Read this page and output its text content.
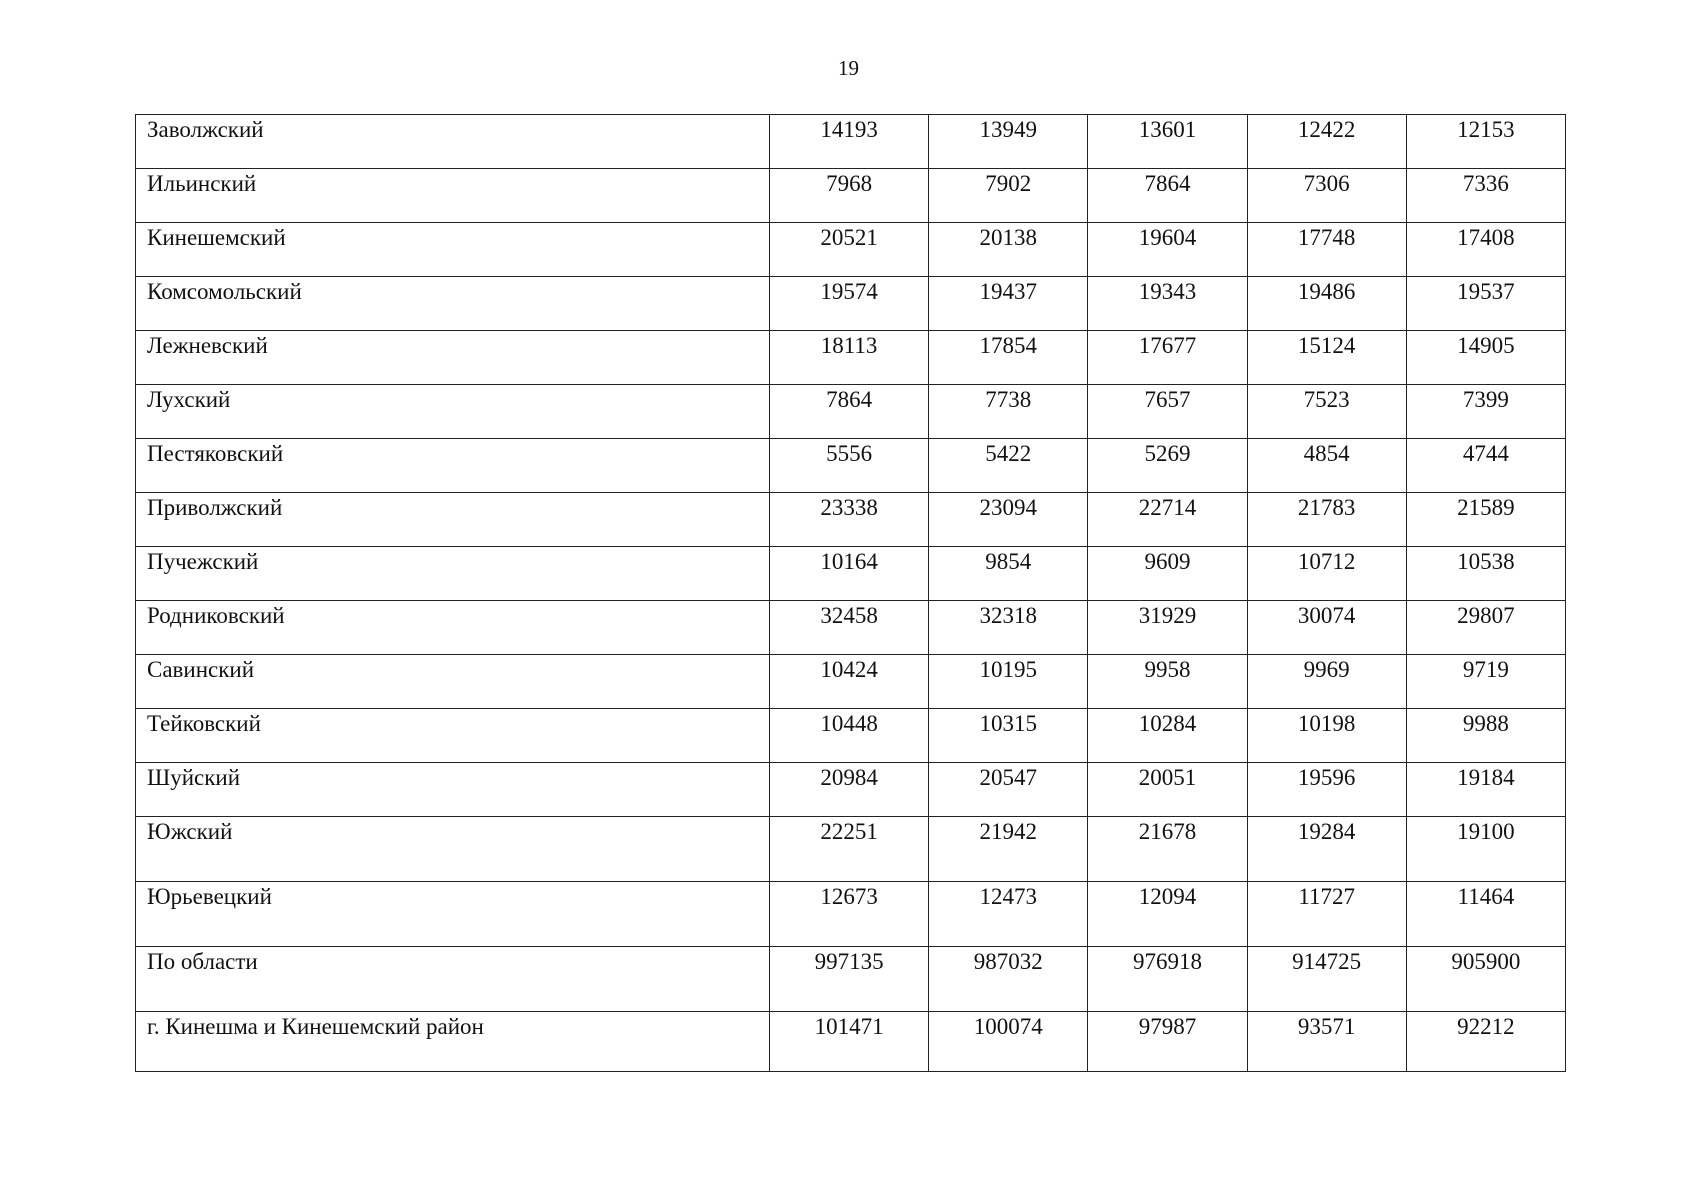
19
Заволжский	14193	13949	13601	12422	12153
Ильинский	7968	7902	7864	7306	7336
Кинешемский	20521	20138	19604	17748	17408
Комсомольский	19574	19437	19343	19486	19537
Лежневский	18113	17854	17677	15124	14905
Лухский	7864	7738	7657	7523	7399
Пестяковский	5556	5422	5269	4854	4744
Приволжский	23338	23094	22714	21783	21589
Пучежский	10164	9854	9609	10712	10538
Родниковский	32458	32318	31929	30074	29807
Савинский	10424	10195	9958	9969	9719
Тейковский	10448	10315	10284	10198	9988
Шуйский	20984	20547	20051	19596	19184
Южский	22251	21942	21678	19284	19100
Юрьевецкий	12673	12473	12094	11727	11464
По области	997135	987032	976918	914725	905900
г. Кинешма и Кинешемский район	101471	100074	97987	93571	92212
